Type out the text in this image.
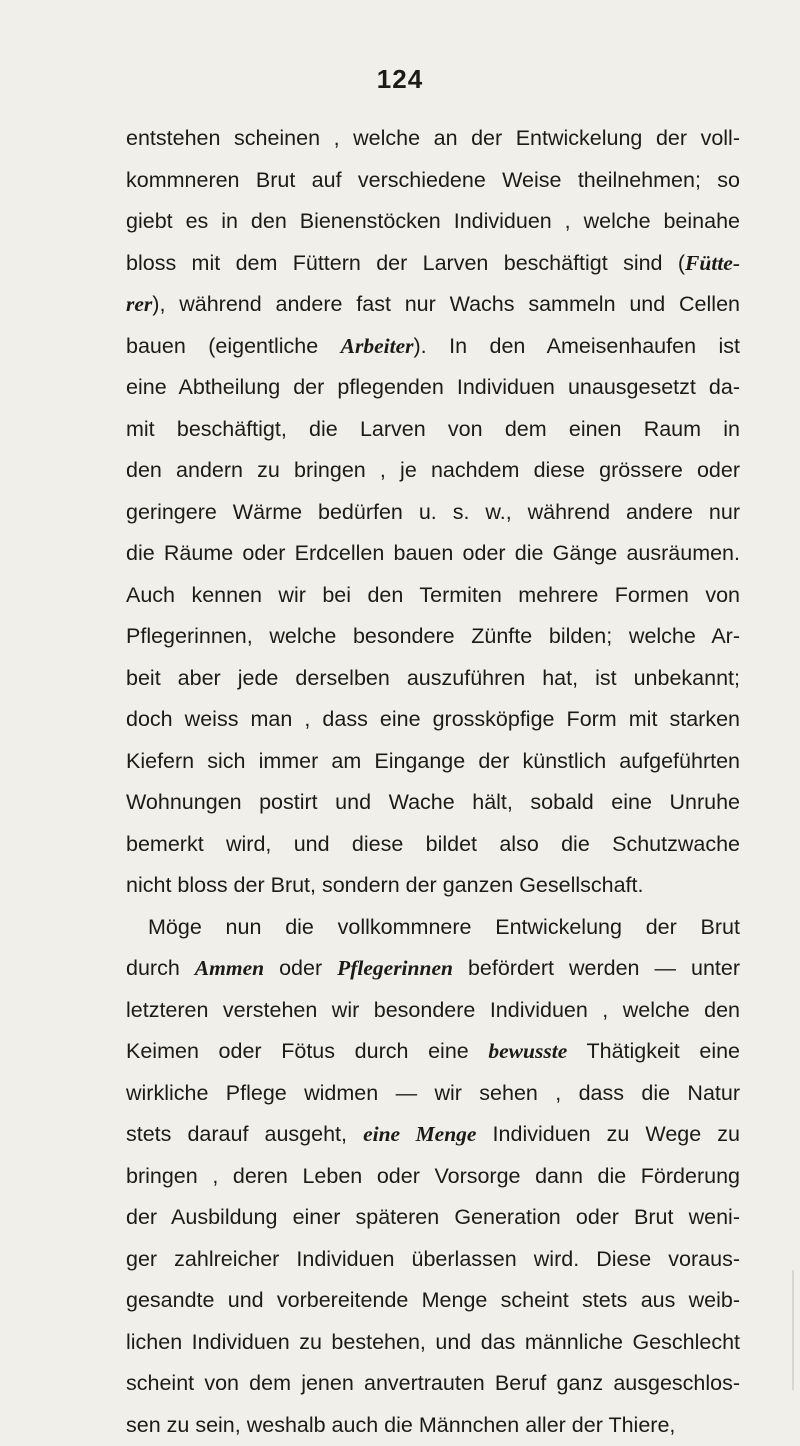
124
entstehen scheinen , welche an der Entwickelung der voll-
kommneren Brut auf verschiedene Weise theilnehmen; so
giebt es in den Bienenstöcken Individuen , welche beinahe
bloss mit dem Füttern der Larven beschäftigt sind (Fütte-
rer), während andere fast nur Wachs sammeln und Cellen
bauen (eigentliche Arbeiter). In den Ameisenhaufen ist
eine Abtheilung der pflegenden Individuen unausgesetzt da-
mit beschäftigt, die Larven von dem einen Raum in
den andern zu bringen , je nachdem diese grössere oder
geringere Wärme bedürfen u. s. w., während andere nur
die Räume oder Erdcellen bauen oder die Gänge ausräumen.
Auch kennen wir bei den Termiten mehrere Formen von
Pflegerinnen, welche besondere Zünfte bilden; welche Ar-
beit aber jede derselben auszuführen hat, ist unbekannt;
doch weiss man , dass eine grossköpfige Form mit starken
Kiefern sich immer am Eingange der künstlich aufgeführten
Wohnungen postirt und Wache hält, sobald eine Unruhe
bemerkt wird, und diese bildet also die Schutzwache
nicht bloss der Brut, sondern der ganzen Gesellschaft.
Möge nun die vollkommnere Entwickelung der Brut
durch Ammen oder Pflegerinnen befördert werden — unter
letzteren verstehen wir besondere Individuen , welche den
Keimen oder Fötus durch eine bewusste Thätigkeit eine
wirkliche Pflege widmen — wir sehen , dass die Natur
stets darauf ausgeht, eine Menge Individuen zu Wege zu
bringen , deren Leben oder Vorsorge dann die Förderung
der Ausbildung einer späteren Generation oder Brut weni-
ger zahlreicher Individuen überlassen wird. Diese voraus-
gesandte und vorbereitende Menge scheint stets aus weib-
lichen Individuen zu bestehen, und das männliche Geschlecht
scheint von dem jenen anvertrauten Beruf ganz ausgeschlos-
sen zu sein, weshalb auch die Männchen aller der Thiere,
